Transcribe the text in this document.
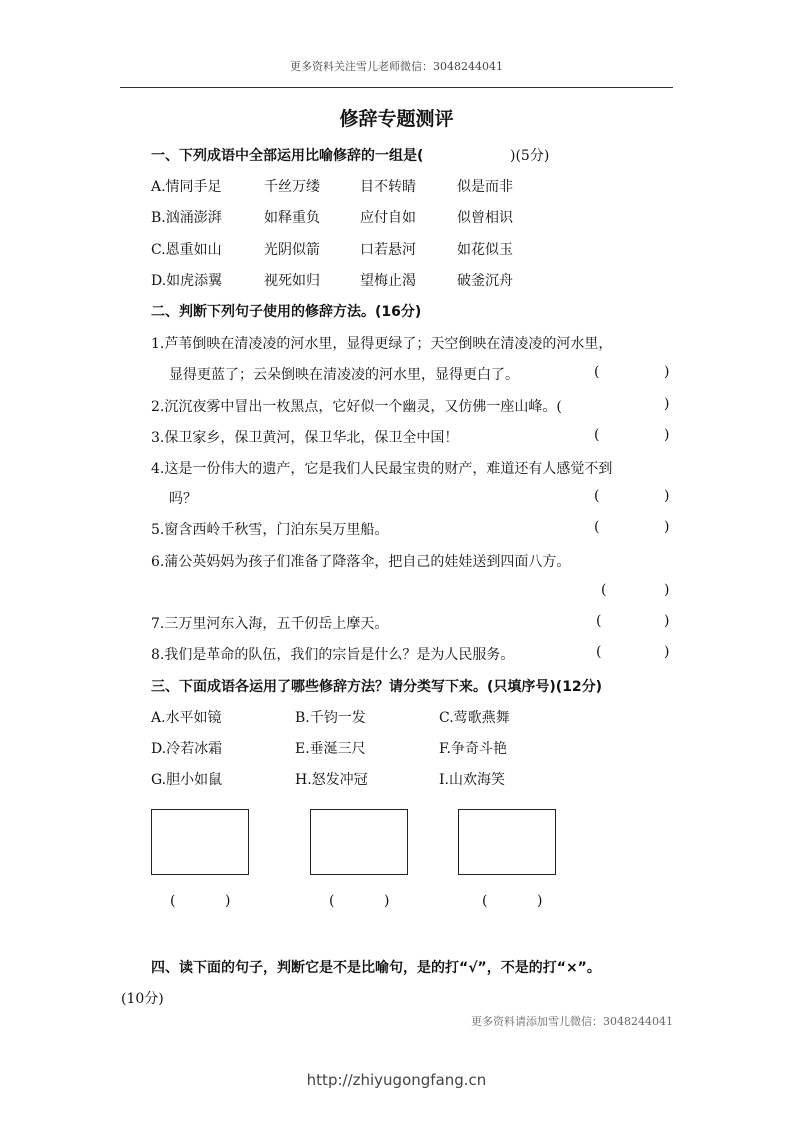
更多资料关注雪儿老师微信：3048244041
修辞专题测评
一、下列成语中全部运用比喻修辞的一组是(	)(5分)
A.情同手足	千丝万缕	目不转睛	似是而非
B.汹涌澎湃	如释重负	应付自如	似曾相识
C.恩重如山	光阴似箭	口若悬河	如花似玉
D.如虎添翼	视死如归	望梅止渴	破釜沉舟
二、判断下列句子使用的修辞方法。(16分)
1.芦苇倒映在清凌凌的河水里，显得更绿了；天空倒映在清凌凌的河水里，
显得更蓝了；云朵倒映在清凌凌的河水里，显得更白了。	(	)
2.沉沉夜雾中冒出一枚黑点，它好似一个幽灵，又仿佛一座山峰。(	)
3.保卫家乡，保卫黄河，保卫华北，保卫全中国！	(	)
4.这是一份伟大的遗产，它是我们人民最宝贵的财产，难道还有人感觉不到
吗？	(	)
5.窗含西岭千秋雪，门泊东吴万里船。	(	)
6.蒲公英妈妈为孩子们准备了降落伞，把自己的娃娃送到四面八方。
(	)
7.三万里河东入海，五千仞岳上摩天。	(	)
8.我们是革命的队伍，我们的宗旨是什么？是为人民服务。	(	)
三、下面成语各运用了哪些修辞方法？请分类写下来。(只填序号)(12分)
A.水平如镜	B.千钧一发	C.莺歌燕舞
D.冷若冰霜	E.垂涎三尺	F.争奇斗艳
G.胆小如鼠	H.怒发冲冠	I.山欢海笑
(	)	(	)	(	)
四、读下面的句子，判断它是不是比喻句，是的打“√”，不是的打“×”。
(10分)
更多资料请添加雪儿微信：3048244041
http://zhiyugongfang.cn
